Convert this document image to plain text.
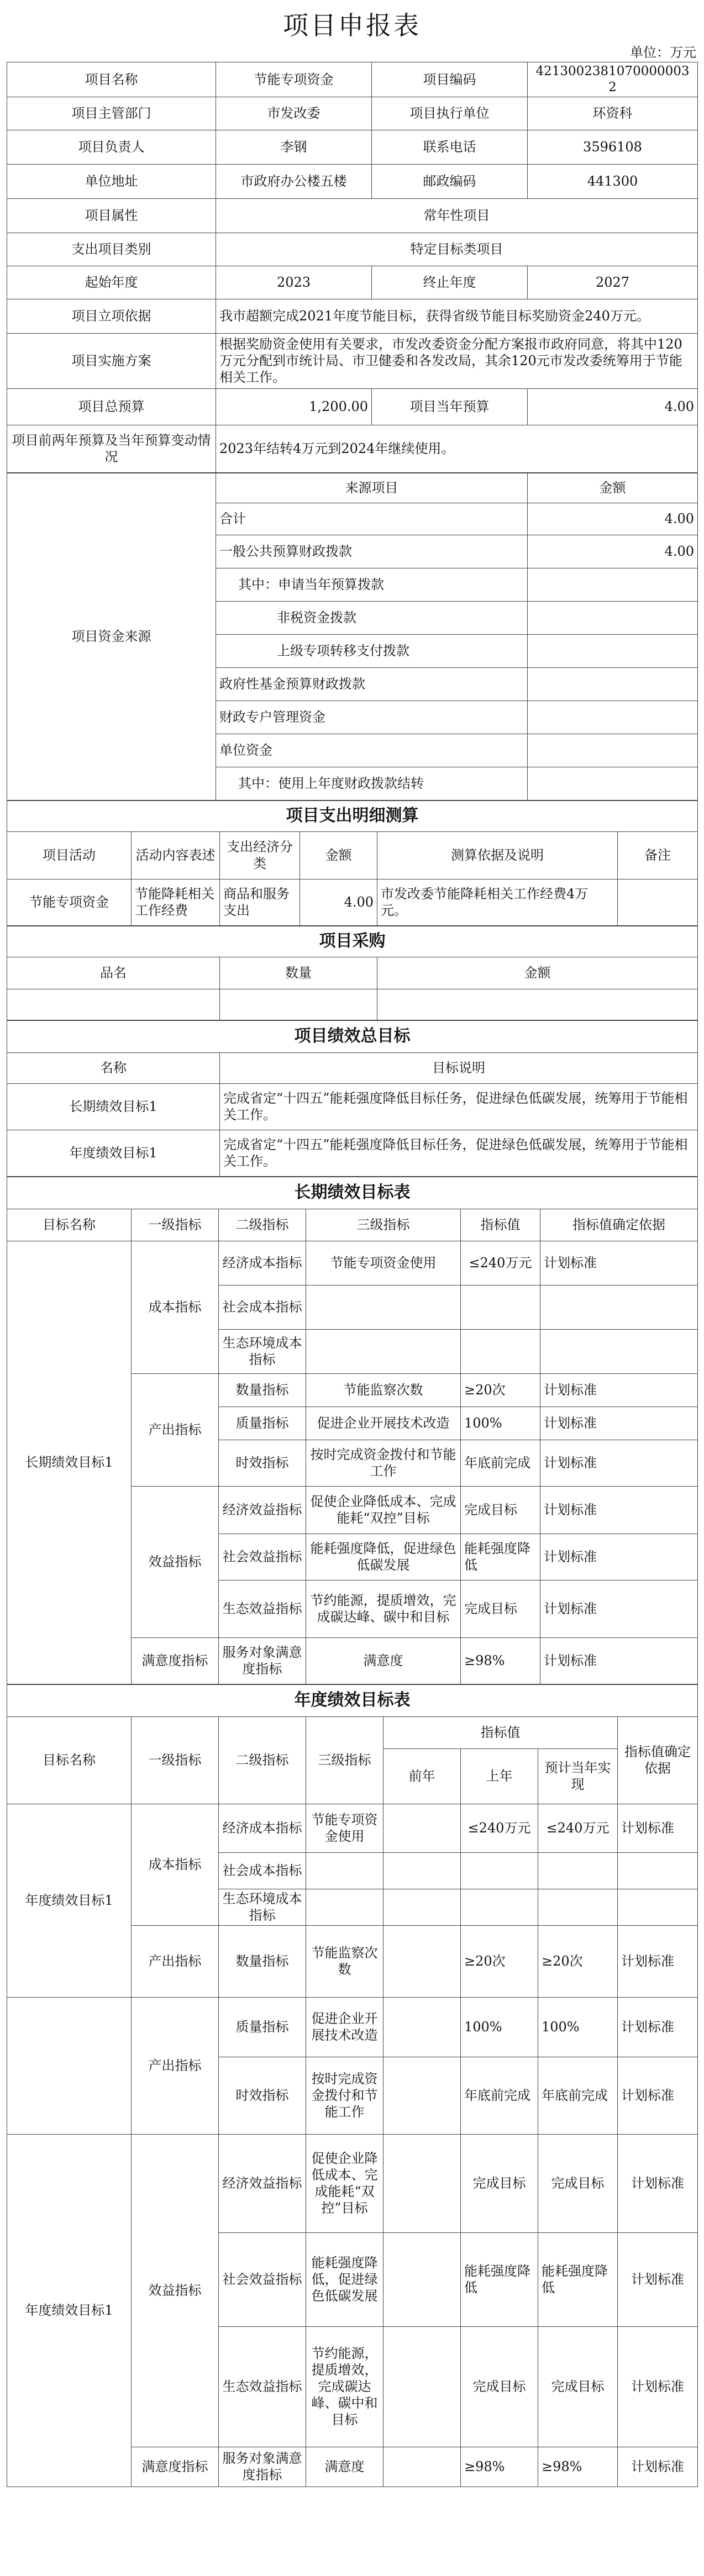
项目申报表
单位：万元
项目名称	节能专项资金	项目编码	4213002381070000003 2
项目主管部门	市发改委	项目执行单位	环资科
项目负责人	李钢	联系电话	3596108
单位地址	市政府办公楼五楼	邮政编码	441300
项目属性	常年性项目		
支出项目类别	特定目标类项目		
起始年度	2023	终止年度	2027
项目立项依据	我市超额完成2021年度节能目标，获得省级节能目标奖励资金240万元。		
项目实施方案	根据奖励资金使用有关要求，市发改委资金分配方案报市政府同意，将其中120万元分配到市统计局、市卫健委和各发改局，其余120元市发改委统筹用于节能相关工作。		
项目总预算	1,200.00	项目当年预算	4.00
项目前两年预算及当年预算变动情况	2023年结转4万元到2024年继续使用。		
项目资金来源	来源项目	金额
	合计	4.00
	一般公共预算财政拨款	4.00
	其中：申请当年预算拨款	
	非税资金拨款	
	上级专项转移支付拨款	
	政府性基金预算财政拨款	
	财政专户管理资金	
	单位资金	
	其中：使用上年度财政拨款结转	
项目支出明细测算					
项目活动	活动内容表述	支出经济分类	金额	测算依据及说明	备注
节能专项资金	节能降耗相关工作经费	商品和服务支出	4.00	市发改委节能降耗相关工作经费4万元。	
项目采购		
品名	数量	金额

项目绩效总目标	
名称	目标说明
长期绩效目标1	完成省定“十四五”能耗强度降低目标任务，促进绿色低碳发展，统筹用于节能相关工作。
年度绩效目标1	完成省定“十四五”能耗强度降低目标任务，促进绿色低碳发展，统筹用于节能相关工作。
长期绩效目标表					
目标名称	一级指标	二级指标	三级指标	指标值	指标值确定依据
长期绩效目标1	成本指标	经济成本指标	节能专项资金使用	≤240万元	计划标准
		社会成本指标			
		生态环境成本指标			
	产出指标	数量指标	节能监察次数	≥20次	计划标准
		质量指标	促进企业开展技术改造	100%	计划标准
		时效指标	按时完成资金拨付和节能工作	年底前完成	计划标准
	效益指标	经济效益指标	促使企业降低成本、完成能耗“双控”目标	完成目标	计划标准
		社会效益指标	能耗强度降低，促进绿色低碳发展	能耗强度降低	计划标准
		生态效益指标	节约能源，提质增效，完成碳达峰、碳中和目标	完成目标	计划标准
	满意度指标	服务对象满意度指标	满意度	≥98%	计划标准
年度绩效目标表							
目标名称	一级指标	二级指标	三级指标	指标值			指标值确定依据
				前年	上年	预计当年实现	
年度绩效目标1	成本指标	经济成本指标	节能专项资金使用		≤240万元	≤240万元	计划标准
		社会成本指标					
		生态环境成本指标					
	产出指标	数量指标	节能监察次数		≥20次	≥20次	计划标准
	产出指标	质量指标	促进企业开展技术改造		100%	100%	计划标准
		时效指标	按时完成资金拨付和节能工作		年底前完成	年底前完成	计划标准
年度绩效目标1	效益指标	经济效益指标	促使企业降低成本、完成能耗“双控”目标		完成目标	完成目标	计划标准
		社会效益指标	能耗强度降低，促进绿色低碳发展		能耗强度降低	能耗强度降低	计划标准
		生态效益指标	节约能源，提质增效，完成碳达峰、碳中和目标		完成目标	完成目标	计划标准
	满意度指标	服务对象满意度指标	满意度		≥98%	≥98%	计划标准
